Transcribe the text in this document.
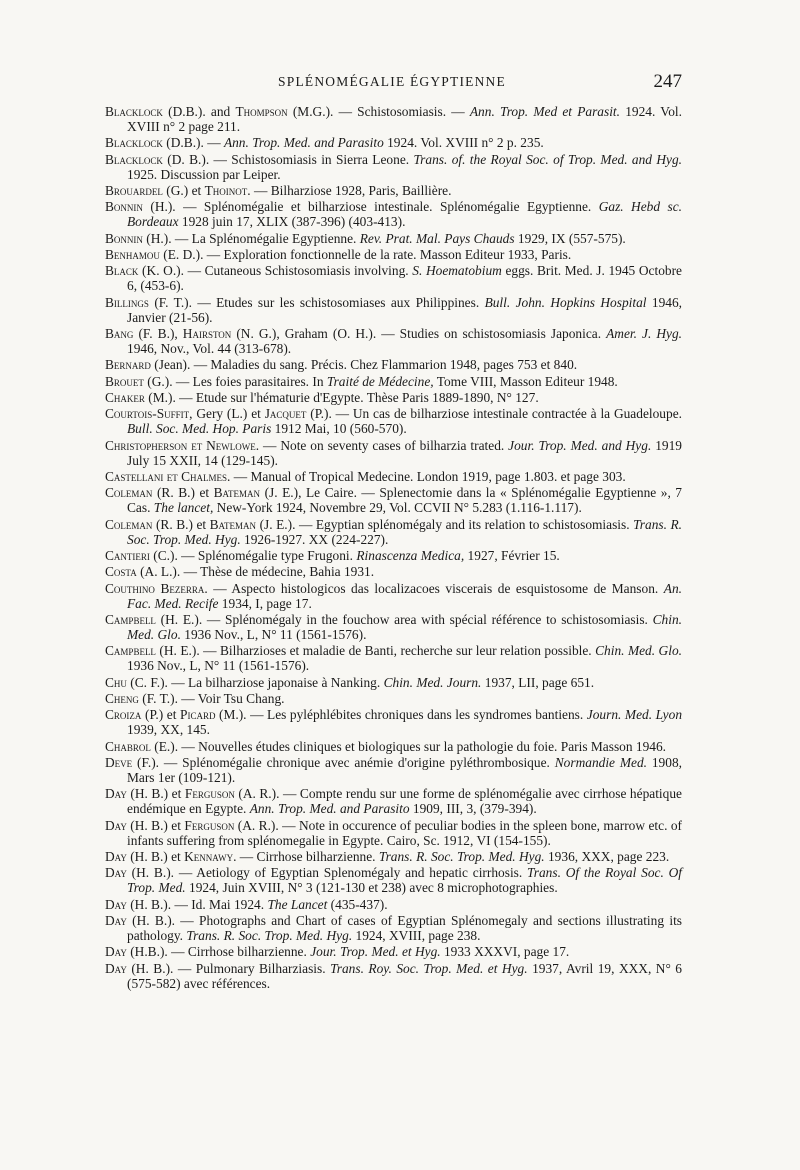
SPLÉNOMÉGALIE ÉGYPTIENNE	247

Blacklock (D.B.). and Thompson (M.G.). — Schistosomiasis. — Ann. Trop. Med et Parasit. 1924. Vol. XVIII n° 2 page 211.

Blacklock (D.B.). — Ann. Trop. Med. and Parasito 1924. Vol. XVIII n° 2 p. 235.

Blacklock (D. B.). — Schistosomiasis in Sierra Leone. Trans. of. the Royal Soc. of Trop. Med. and Hyg. 1925. Discussion par Leiper.

Brouardel (G.) et Thoinot. — Bilharziose 1928, Paris, Baillière.

Bonnin (H.). — Splénomégalie et bilharziose intestinale. Splénomégalie Egyptienne. Gaz. Hebd sc. Bordeaux 1928 juin 17, XLIX (387-396) (403-413).

Bonnin (H.). — La Splénomégalie Egyptienne. Rev. Prat. Mal. Pays Chauds 1929, IX (557-575).

Benhamou (E. D.). — Exploration fonctionnelle de la rate. Masson Editeur 1933, Paris.

Black (K. O.). — Cutaneous Schistosomiasis involving. S. Hoematobium eggs. Brit. Med. J. 1945 Octobre 6, (453-6).

Billings (F. T.). — Etudes sur les schistosomiases aux Philippines. Bull. John. Hopkins Hospital 1946, Janvier (21-56).

Bang (F. B.), Hairston (N. G.), Graham (O. H.). — Studies on schistosomiasis Japonica. Amer. J. Hyg. 1946, Nov., Vol. 44 (313-678).

Bernard (Jean). — Maladies du sang. Précis. Chez Flammarion 1948, pages 753 et 840.

Brouet (G.). — Les foies parasitaires. In Traité de Médecine, Tome VIII, Masson Editeur 1948.

Chaker (M.). — Etude sur l'hématurie d'Egypte. Thèse Paris 1889-1890, N° 127.

Courtois-Suffit, Gery (L.) et Jacquet (P.). — Un cas de bilharziose intestinale contractée à la Guadeloupe. Bull. Soc. Med. Hop. Paris 1912 Mai, 10 (560-570).

Christopherson et Newlowe. — Note on seventy cases of bilharzia trated. Jour. Trop. Med. and Hyg. 1919 July 15 XXII, 14 (129-145).

Castellani et Chalmes. — Manual of Tropical Medecine. London 1919, page 1.803. et page 303.

Coleman (R. B.) et Bateman (J. E.), Le Caire. — Splenectomie dans la « Splénomégalie Egyptienne », 7 Cas. The lancet, New-York 1924, Novembre 29, Vol. CCVII N° 5.283 (1.116-1.117).

Coleman (R. B.) et Bateman (J. E.). — Egyptian splénomégaly and its relation to schistosomiasis. Trans. R. Soc. Trop. Med. Hyg. 1926-1927. XX (224-227).

Cantieri (C.). — Splénomégalie type Frugoni. Rinascenza Medica, 1927, Février 15.

Costa (A. L.). — Thèse de médecine, Bahia 1931.

Couthino Bezerra. — Aspecto histologicos das localizacoes viscerais de esquistosome de Manson. An. Fac. Med. Recife 1934, I, page 17.

Campbell (H. E.). — Splénomégaly in the fouchow area with spécial référence to schistosomiasis. Chin. Med. Glo. 1936 Nov., L, N° 11 (1561-1576).

Campbell (H. E.). — Bilharzioses et maladie de Banti, recherche sur leur relation possible. Chin. Med. Glo. 1936 Nov., L, N° 11 (1561-1576).

Chu (C. F.). — La bilharziose japonaise à Nanking. Chin. Med. Journ. 1937, LII, page 651.

Cheng (F. T.). — Voir Tsu Chang.

Croiza (P.) et Picard (M.). — Les pyléphlébites chroniques dans les syndromes bantiens. Journ. Med. Lyon 1939, XX, 145.

Chabrol (E.). — Nouvelles études cliniques et biologiques sur la pathologie du foie. Paris Masson 1946.

Deve (F.). — Splénomégalie chronique avec anémie d'origine pyléthrombosique. Normandie Med. 1908, Mars 1er (109-121).

Day (H. B.) et Ferguson (A. R.). — Compte rendu sur une forme de splénomégalie avec cirrhose hépatique endémique en Egypte. Ann. Trop. Med. and Parasito 1909, III, 3, (379-394).

Day (H. B.) et Ferguson (A. R.). — Note in occurence of peculiar bodies in the spleen bone, marrow etc. of infants suffering from splénomegalie in Egypte. Cairo, Sc. 1912, VI (154-155).

Day (H. B.) et Kennawy. — Cirrhose bilharzienne. Trans. R. Soc. Trop. Med. Hyg. 1936, XXX, page 223.

Day (H. B.). — Aetiology of Egyptian Splenomégaly and hepatic cirrhosis. Trans. Of the Royal Soc. Of Trop. Med. 1924, Juin XVIII, N° 3 (121-130 et 238) avec 8 microphotographies.

Day (H. B.). — Id. Mai 1924. The Lancet (435-437).

Day (H. B.). — Photographs and Chart of cases of Egyptian Splénomegaly and sections illustrating its pathology. Trans. R. Soc. Trop. Med. Hyg. 1924, XVIII, page 238.

Day (H.B.). — Cirrhose bilharzienne. Jour. Trop. Med. et Hyg. 1933 XXXVI, page 17.

Day (H. B.). — Pulmonary Bilharziasis. Trans. Roy. Soc. Trop. Med. et Hyg. 1937, Avril 19, XXX, N° 6 (575-582) avec références.
